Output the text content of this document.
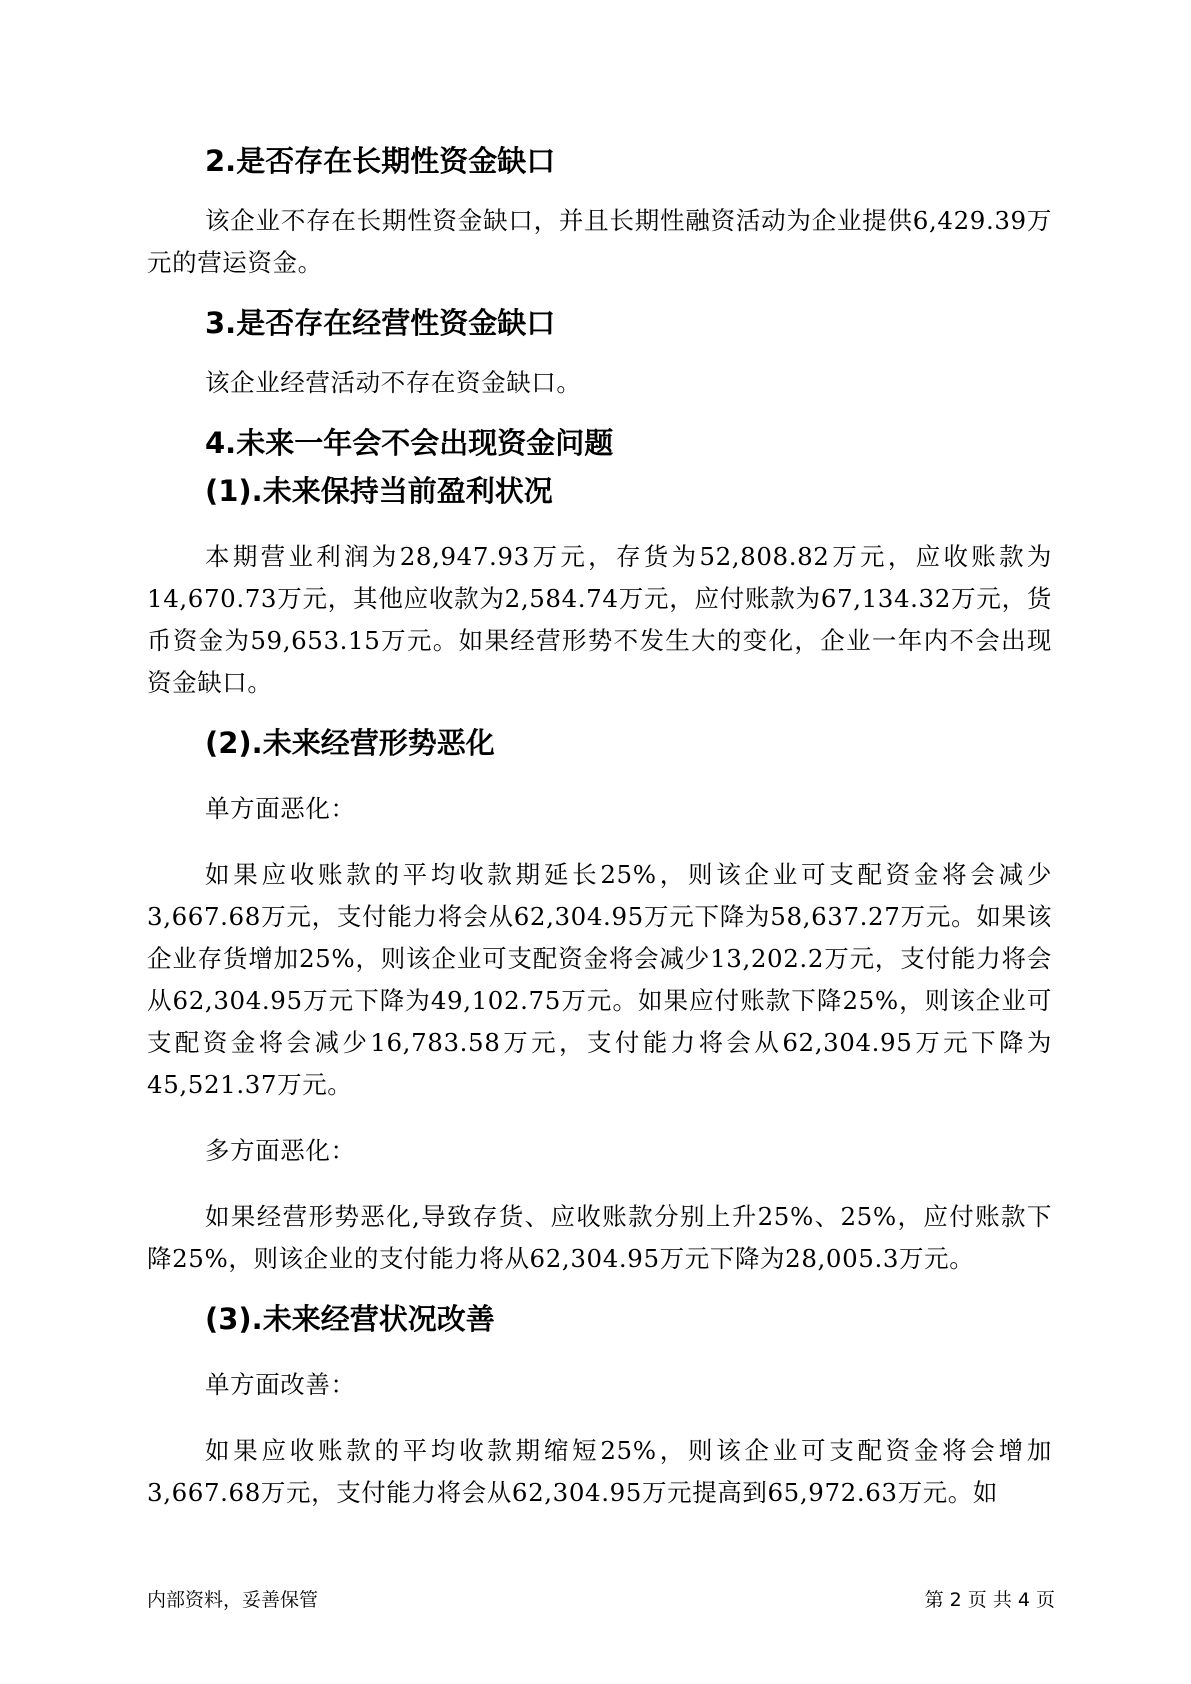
2.是否存在长期性资金缺口

该企业不存在长期性资金缺口，并且长期性融资活动为企业提供6,429.39万元的营运资金。

3.是否存在经营性资金缺口

该企业经营活动不存在资金缺口。

4.未来一年会不会出现资金问题
(1).未来保持当前盈利状况

本期营业利润为28,947.93万元，存货为52,808.82万元，应收账款为14,670.73万元，其他应收款为2,584.74万元，应付账款为67,134.32万元，货币资金为59,653.15万元。如果经营形势不发生大的变化，企业一年内不会出现资金缺口。

(2).未来经营形势恶化

单方面恶化：

如果应收账款的平均收款期延长25%，则该企业可支配资金将会减少3,667.68万元，支付能力将会从62,304.95万元下降为58,637.27万元。如果该企业存货增加25%，则该企业可支配资金将会减少13,202.2万元，支付能力将会从62,304.95万元下降为49,102.75万元。如果应付账款下降25%，则该企业可支配资金将会减少16,783.58万元，支付能力将会从62,304.95万元下降为45,521.37万元。

多方面恶化：

如果经营形势恶化,导致存货、应收账款分别上升25%、25%，应付账款下降25%，则该企业的支付能力将从62,304.95万元下降为28,005.3万元。

(3).未来经营状况改善

单方面改善：

如果应收账款的平均收款期缩短25%，则该企业可支配资金将会增加3,667.68万元，支付能力将会从62,304.95万元提高到65,972.63万元。如

内部资料，妥善保管	第 2 页 共 4 页
